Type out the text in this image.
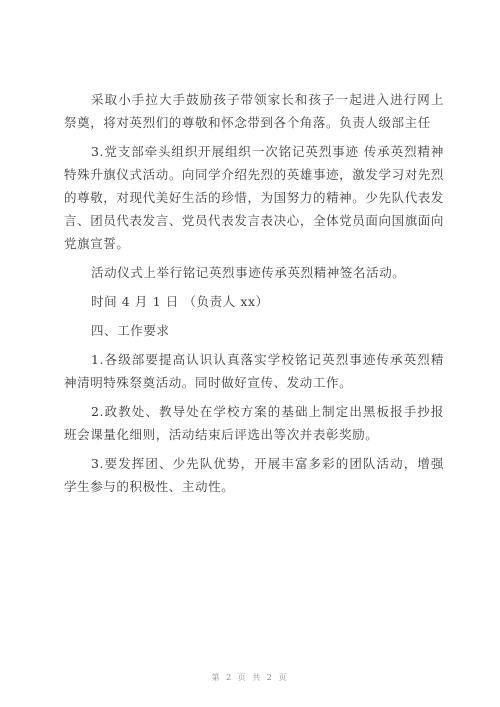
采取小手拉大手鼓励孩子带领家长和孩子一起进入进行网上祭奠，将对英烈们的尊敬和怀念带到各个角落。负责人级部主任

3.党支部牵头组织开展组织一次铭记英烈事迹 传承英烈精神特殊升旗仪式活动。向同学介绍先烈的英雄事迹，激发学习对先烈的尊敬，对现代美好生活的珍惜，为国努力的精神。少先队代表发言、团员代表发言、党员代表发言表决心，全体党员面向国旗面向党旗宣誓。

活动仪式上举行铭记英烈事迹传承英烈精神签名活动。

时间 4 月 1 日 （负责人 xx）

四、工作要求

1.各级部要提高认识认真落实学校铭记英烈事迹传承英烈精神清明特殊祭奠活动。同时做好宣传、发动工作。

2.政教处、教导处在学校方案的基础上制定出黑板报手抄报班会课量化细则，活动结束后评选出等次并表彰奖励。

3.要发挥团、少先队优势，开展丰富多彩的团队活动，增强学生参与的积极性、主动性。

第 2 页 共 2 页
